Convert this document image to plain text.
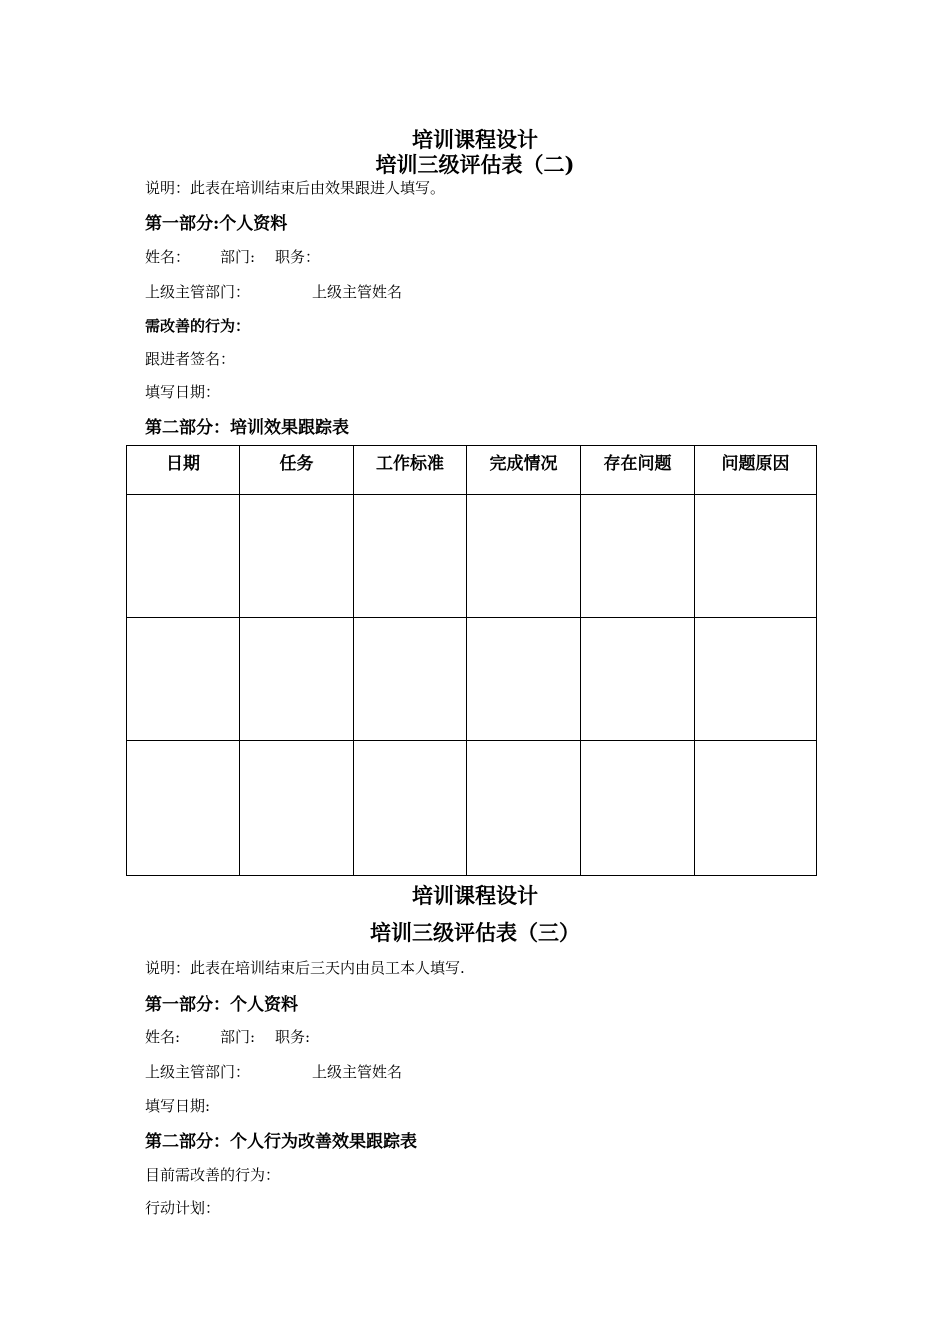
培训课程设计
培训三级评估表（二)
说明：此表在培训结束后由效果跟进人填写。
第一部分:个人资料
姓名： 部门: 职务：
上级主管部门：	上级主管姓名
需改善的行为：
跟进者签名：
填写日期：
第二部分：培训效果跟踪表
日期	任务	工作标准	完成情况	存在问题	问题原因

培训课程设计
培训三级评估表（三）
说明：此表在培训结束后三天内由员工本人填写.
第一部分：个人资料
姓名:	部门: 职务:
上级主管部门：	上级主管姓名
填写日期:
第二部分：个人行为改善效果跟踪表
目前需改善的行为：
行动计划：
